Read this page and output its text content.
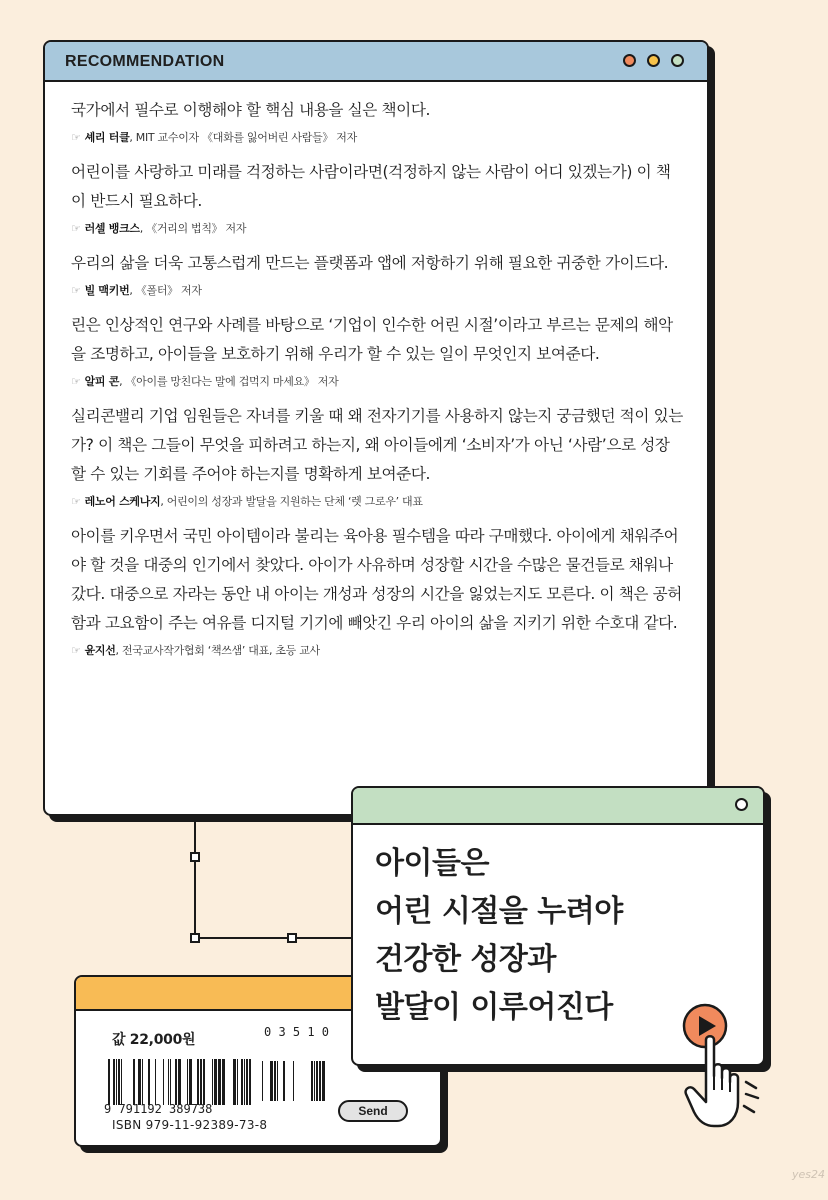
RECOMMENDATION

국가에서 필수로 이행해야 할 핵심 내용을 실은 책이다.

☞ 셰리 터클, MIT 교수이자 《대화를 잃어버린 사람들》 저자

어린이를 사랑하고 미래를 걱정하는 사람이라면(걱정하지 않는 사람이 어디 있겠는가) 이 책이 반드시 필요하다.

☞ 러셀 뱅크스, 《거리의 법칙》 저자

우리의 삶을 더욱 고통스럽게 만드는 플랫폼과 앱에 저항하기 위해 필요한 귀중한 가이드다.

☞ 빌 맥키번, 《폴터》 저자

린은 인상적인 연구와 사례를 바탕으로 ‘기업이 인수한 어린 시절’이라고 부르는 문제의 해악을 조명하고, 아이들을 보호하기 위해 우리가 할 수 있는 일이 무엇인지 보여준다.

☞ 알피 콘, 《아이를 망친다는 말에 겁먹지 마세요》 저자

실리콘밸리 기업 임원들은 자녀를 키울 때 왜 전자기기를 사용하지 않는지 궁금했던 적이 있는가? 이 책은 그들이 무엇을 피하려고 하는지, 왜 아이들에게 ‘소비자’가 아닌 ‘사람’으로 성장할 수 있는 기회를 주어야 하는지를 명확하게 보여준다.

☞ 레노어 스케나지, 어린이의 성장과 발달을 지원하는 단체 ‘렛 그로우’ 대표

아이를 키우면서 국민 아이템이라 불리는 육아용 필수템을 따라 구매했다. 아이에게 채워주어야 할 것을 대중의 인기에서 찾았다. 아이가 사유하며 성장할 시간을 수많은 물건들로 채워나갔다. 대중으로 자라는 동안 내 아이는 개성과 성장의 시간을 잃었는지도 모른다. 이 책은 공허함과 고요함이 주는 여유를 디지털 기기에 빼앗긴 우리 아이의 삶을 지키기 위한 수호대 같다.

☞ 윤지선, 전국교사작가협회 ‘책쓰샘’ 대표, 초등 교사
값 22,000원	0 3 5 1 0
9 791192 389738
ISBN 979-11-92389-73-8
Send

아이들은
어린 시절을 누려야
건강한 성장과
발달이 이루어진다

yes24
